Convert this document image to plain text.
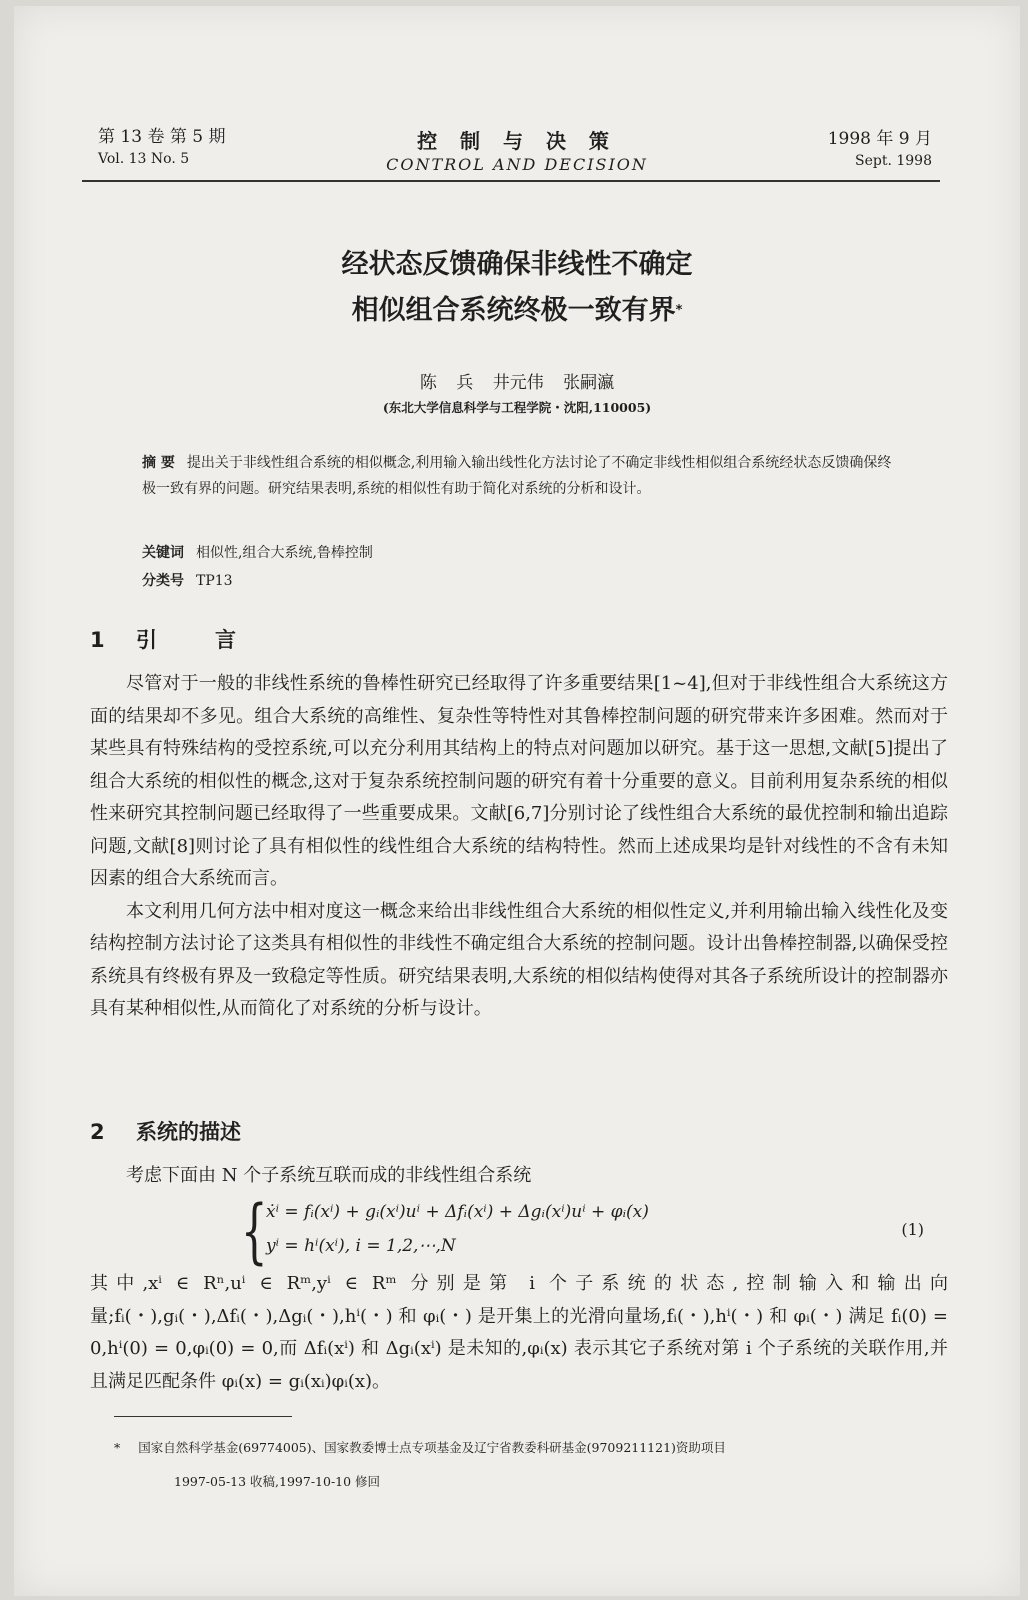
第 13 卷 第 5 期
Vol. 13 No. 5
控 制 与 决 策
CONTROL AND DECISION
1998 年 9 月
Sept. 1998
经状态反馈确保非线性不确定
相似组合系统终极一致有界*
陈 兵 井元伟 张嗣瀛
(东北大学信息科学与工程学院・沈阳,110005)
摘 要 提出关于非线性组合系统的相似概念,利用输入输出线性化方法讨论了不确定非线性相似组合系统经状态反馈确保终极一致有界的问题。研究结果表明,系统的相似性有助于简化对系统的分析和设计。
关键词 相似性,组合大系统,鲁棒控制
分类号 TP13
1 引言

尽管对于一般的非线性系统的鲁棒性研究已经取得了许多重要结果[1~4],但对于非线性组合大系统这方面的结果却不多见。组合大系统的高维性、复杂性等特性对其鲁棒控制问题的研究带来许多困难。然而对于某些具有特殊结构的受控系统,可以充分利用其结构上的特点对问题加以研究。基于这一思想,文献[5]提出了组合大系统的相似性的概念,这对于复杂系统控制问题的研究有着十分重要的意义。目前利用复杂系统的相似性来研究其控制问题已经取得了一些重要成果。文献[6,7]分别讨论了线性组合大系统的最优控制和输出追踪问题,文献[8]则讨论了具有相似性的线性组合大系统的结构特性。然而上述成果均是针对线性的不含有未知因素的组合大系统而言。

本文利用几何方法中相对度这一概念来给出非线性组合大系统的相似性定义,并利用输出输入线性化及变结构控制方法讨论了这类具有相似性的非线性不确定组合大系统的控制问题。设计出鲁棒控制器,以确保受控系统具有终极有界及一致稳定等性质。研究结果表明,大系统的相似结构使得对其各子系统所设计的控制器亦具有某种相似性,从而简化了对系统的分析与设计。

2 系统的描述

考虑下面由 N 个子系统互联而成的非线性组合系统

{
ẋⁱ = fᵢ(xⁱ) + gᵢ(xⁱ)uⁱ + Δfᵢ(xⁱ) + Δgᵢ(xⁱ)uⁱ + φᵢ(x)
yⁱ = hⁱ(xⁱ), i = 1,2,⋯,N
(1)

其中,xⁱ ∈ Rⁿ,uⁱ ∈ Rᵐ,yⁱ ∈ Rᵐ 分别是第 i 个子系统的状态,控制输入和输出向量;fᵢ(・),gᵢ(・),Δfᵢ(・),Δgᵢ(・),hⁱ(・) 和 φᵢ(・) 是开集上的光滑向量场,fᵢ(・),hⁱ(・) 和 φᵢ(・) 满足 fᵢ(0) = 0,hⁱ(0) = 0,φᵢ(0) = 0,而 Δfᵢ(xⁱ) 和 Δgᵢ(xⁱ) 是未知的,φᵢ(x) 表示其它子系统对第 i 个子系统的关联作用,并且满足匹配条件 φᵢ(x) = gᵢ(xᵢ)φᵢ(x)。

* 国家自然科学基金(69774005)、国家教委博士点专项基金及辽宁省教委科研基金(9709211121)资助项目
1997-05-13 收稿,1997-10-10 修回
